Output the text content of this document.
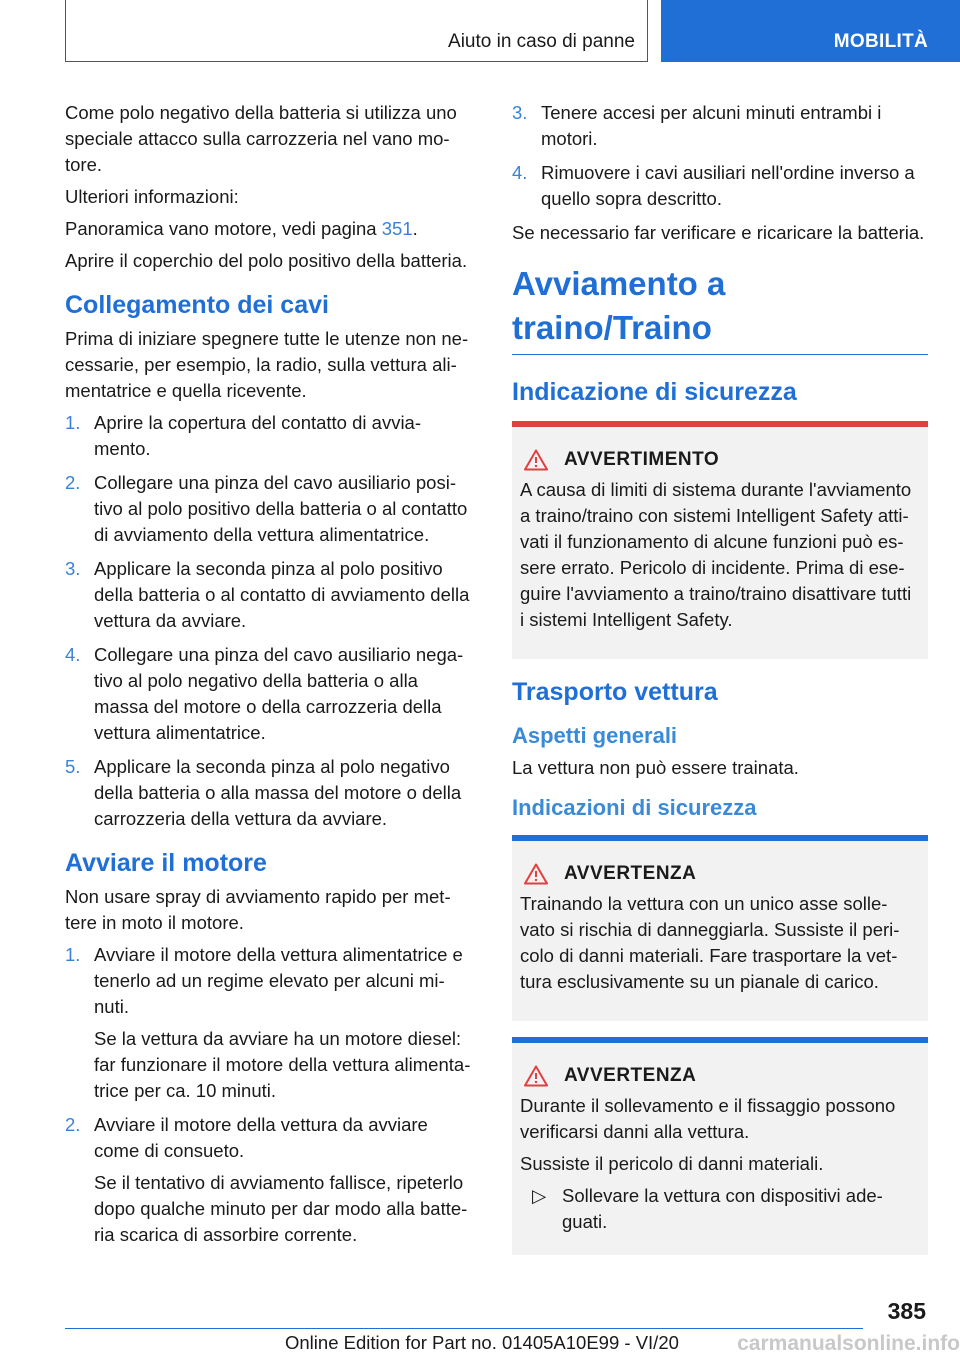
Aiuto in caso di panne	MOBILITÀ

Come polo negativo della batteria si utilizza uno speciale attacco sulla carrozzeria nel vano mo-tore.

Ulteriori informazioni:

Panoramica vano motore, vedi pagina 351.

Aprire il coperchio del polo positivo della batteria.

Collegamento dei cavi

Prima di iniziare spegnere tutte le utenze non ne-cessarie, per esempio, la radio, sulla vettura ali-mentatrice e quella ricevente.

1. Aprire la copertura del contatto di avvia-mento.
2. Collegare una pinza del cavo ausiliario posi-tivo al polo positivo della batteria o al contatto di avviamento della vettura alimentatrice.
3. Applicare la seconda pinza al polo positivo della batteria o al contatto di avviamento della vettura da avviare.
4. Collegare una pinza del cavo ausiliario nega-tivo al polo negativo della batteria o alla massa del motore o della carrozzeria della vettura alimentatrice.
5. Applicare la seconda pinza al polo negativo della batteria o alla massa del motore o della carrozzeria della vettura da avviare.
Avviare il motore

Non usare spray di avviamento rapido per met-tere in moto il motore.

1. Avviare il motore della vettura alimentatrice e tenerlo ad un regime elevato per alcuni mi-nuti.

Se la vettura da avviare ha un motore diesel: far funzionare il motore della vettura alimenta-trice per ca. 10 minuti.

2. Avviare il motore della vettura da avviare come di consueto.

Se il tentativo di avviamento fallisce, ripeterlo dopo qualche minuto per dar modo alla batte-ria scarica di assorbire corrente.

3. Tenere accesi per alcuni minuti entrambi i motori.
4. Rimuovere i cavi ausiliari nell'ordine inverso a quello sopra descritto.

Se necessario far verificare e ricaricare la batteria.

Avviamento a traino/Traino
Indicazione di sicurezza
AVVERTIMENTO

A causa di limiti di sistema durante l'avviamento a traino/traino con sistemi Intelligent Safety atti-vati il funzionamento di alcune funzioni può es-sere errato. Pericolo di incidente. Prima di ese-guire l'avviamento a traino/traino disattivare tutti i sistemi Intelligent Safety.

Trasporto vettura
Aspetti generali

La vettura non può essere trainata.

Indicazioni di sicurezza
AVVERTENZA

Trainando la vettura con un unico asse solle-vato si rischia di danneggiarla. Sussiste il peri-colo di danni materiali. Fare trasportare la vet-tura esclusivamente su un pianale di carico.

AVVERTENZA

Durante il sollevamento e il fissaggio possono verificarsi danni alla vettura.

Sussiste il pericolo di danni materiali.

▷ Sollevare la vettura con dispositivi ade-guati.
385
Online Edition for Part no. 01405A10E99 - VI/20	carmanualsonline.info
